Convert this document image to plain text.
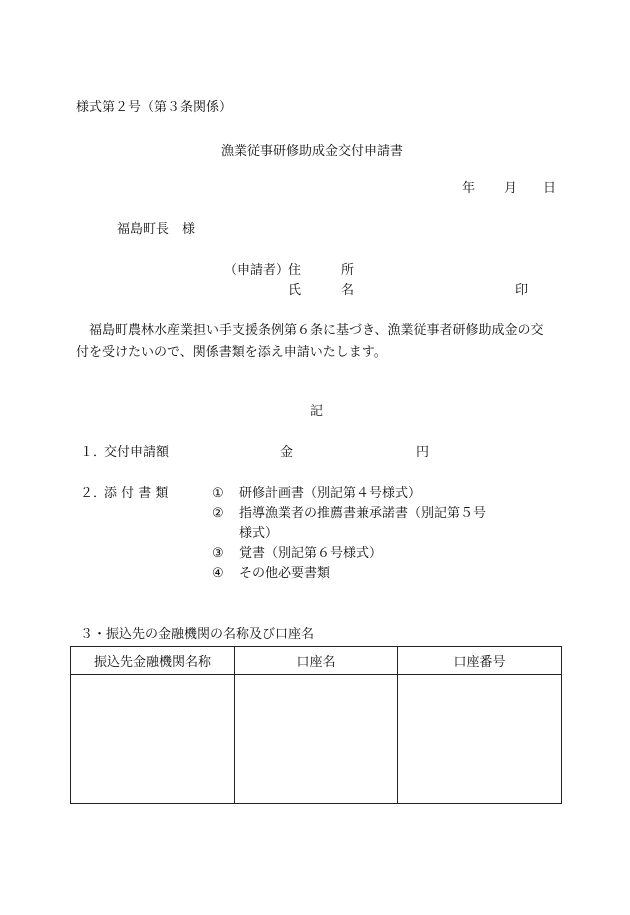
様式第２号（第３条関係）
漁業従事研修助成金交付申請書
年 月 日
福島町長　様
（申請者）
住	所
氏	名	印
福島町農林水産業担い手支援条例第６条に基づき、漁業従事者研修助成金の交付を受けたいので、関係書類を添え申請いたします。
記
１．
交付申請額	金	円
２．
添 付 書 類	① 研修計画書（別記第４号様式）
② 指導漁業者の推薦書兼承諾書（別記第５号
様式）
③ 覚書（別記第６号様式）
④ その他必要書類
３・振込先の金融機関の名称及び口座名
振込先金融機関名称	口座名	口座番号
